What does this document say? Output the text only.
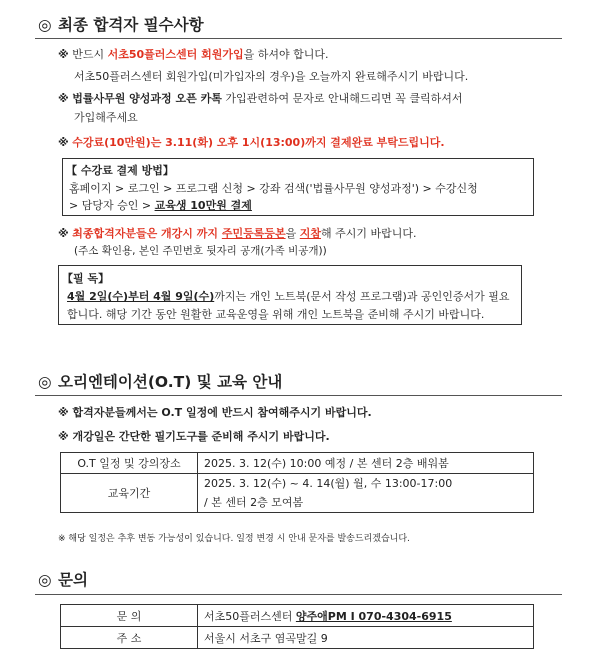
◎ 최종 합격자 필수사항
※ 반드시 서초50플러스센터 회원가입을 하셔야 합니다.
서초50플러스센터 회원가입(미가입자의 경우)을 오늘까지 완료해주시기 바랍니다.
※ 법률사무원 양성과정 오픈 카톡 가입관련하여 문자로 안내해드리면 꼭 클릭하셔서
가입해주세요
※ 수강료(10만원)는 3.11(화) 오후 1시(13:00)까지 결제완료 부탁드립니다.
【 수강료 결제 방법】
홈페이지 > 로그인 > 프로그램 신청 > 강좌 검색('법률사무원 양성과정') > 수강신청
> 담당자 승인 > 교육생 10만원 결제
※ 최종합격자분들은 개강시 까지 주민등록등본을 지참해 주시기 바랍니다.
(주소 확인용, 본인 주민번호 뒷자리 공개(가족 비공개))
【필 독】
4월 2일(수)부터 4월 9일(수)까지는 개인 노트북(문서 작성 프로그램)과 공인인증서가 필요
합니다. 해당 기간 동안 원활한 교육운영을 위해 개인 노트북을 준비해 주시기 바랍니다.
◎ 오리엔테이션(O.T) 및 교육 안내
※ 합격자분들께서는 O.T 일정에 반드시 참여해주시기 바랍니다.
※ 개강일은 간단한 필기도구를 준비해 주시기 바랍니다.
O.T 일정 및 강의장소	2025. 3. 12(수) 10:00 예정 / 본 센터 2층 배워봄
교육기간	2025. 3. 12(수) ~ 4. 14(월) 월, 수 13:00-17:00
/ 본 센터 2층 모여봄
※ 해당 일정은 추후 변동 가능성이 있습니다. 일정 변경 시 안내 문자를 발송드리겠습니다.
◎ 문의
문 의	서초50플러스센터 양주애PM I 070-4304-6915
주 소	서울시 서초구 염곡말길 9
